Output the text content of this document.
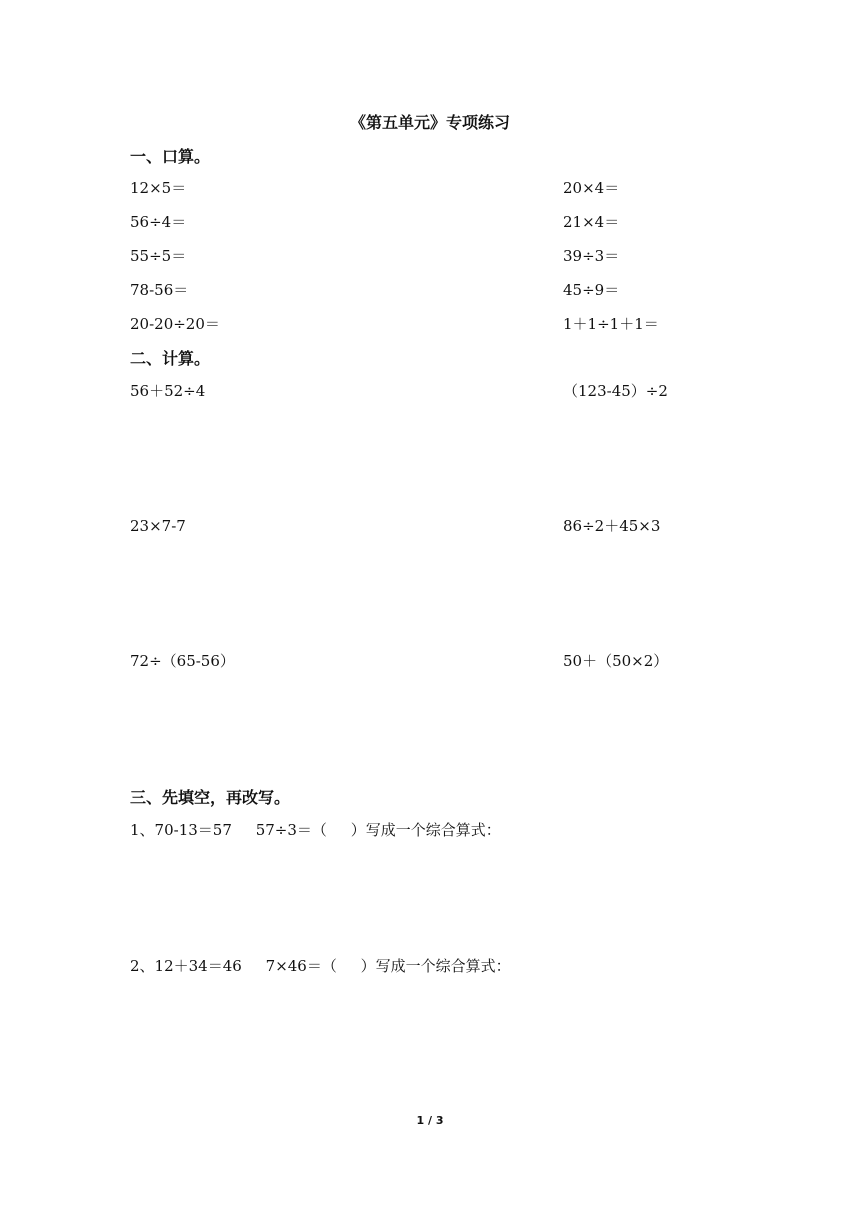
《第五单元》专项练习
一、口算。
12×5＝	20×4＝
56÷4＝	21×4＝
55÷5＝	39÷3＝
78-56＝	45÷9＝
20-20÷20＝	1＋1÷1＋1＝
二、计算。
56＋52÷4	（123-45）÷2
23×7-7	86÷2＋45×3
72÷（65-56）	50＋（50×2）
三、先填空，再改写。
1、70-13＝57     57÷3＝（     ）写成一个综合算式：
2、12＋34＝46     7×46＝（     ）写成一个综合算式：
1 / 3
